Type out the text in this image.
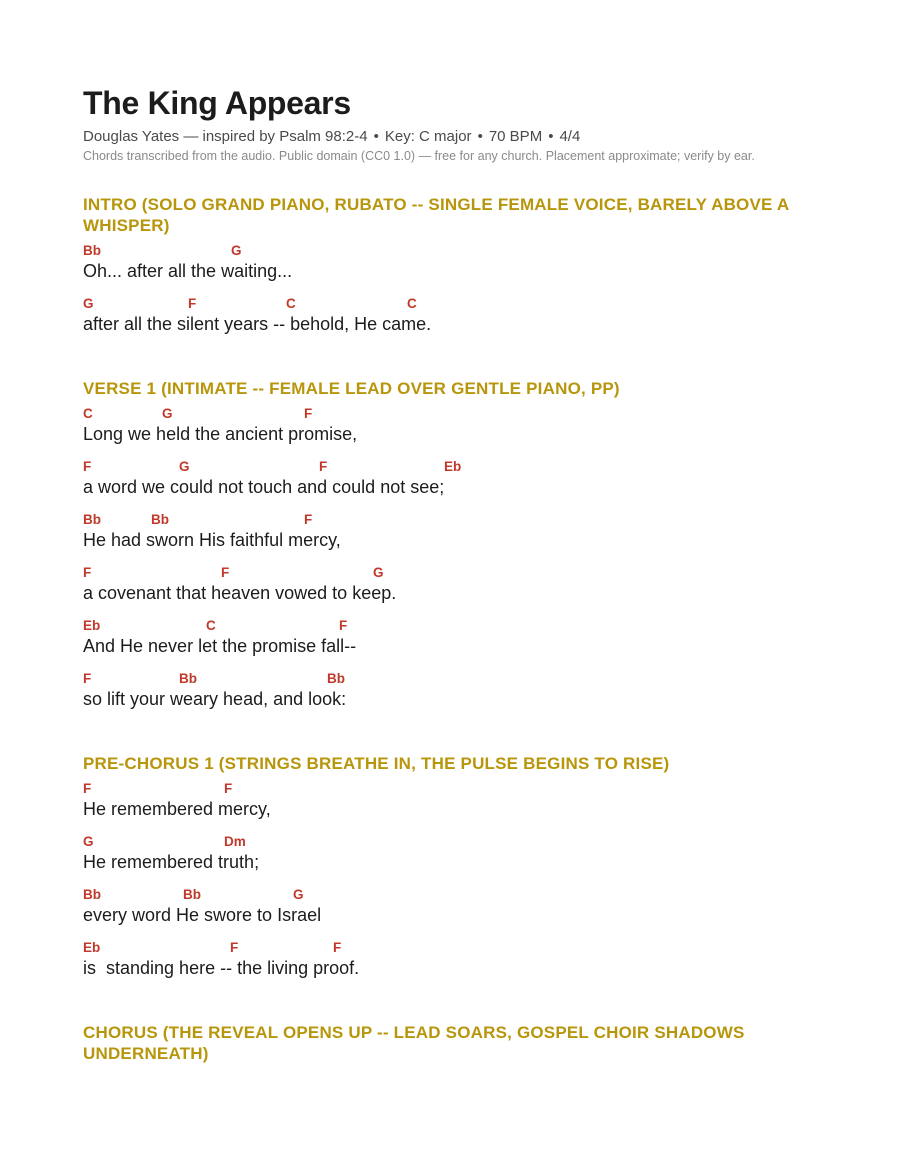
The King Appears
Douglas Yates — inspired by Psalm 98:2-4 • Key: C major • 70 BPM • 4/4
Chords transcribed from the audio. Public domain (CC0 1.0) — free for any church. Placement approximate; verify by ear.
INTRO (SOLO GRAND PIANO, RUBATO -- SINGLE FEMALE VOICE, BARELY ABOVE A WHISPER)
Bb	G
Oh... after all the waiting...
G	F	C	C
after all the silent years -- behold, He came.
VERSE 1 (INTIMATE -- FEMALE LEAD OVER GENTLE PIANO, PP)
C	G	F
Long we held the ancient promise,
F	G	F	Eb
a word we could not touch and could not see;
Bb	Bb	F
He had sworn His faithful mercy,
F	F	G
a covenant that heaven vowed to keep.
Eb	C	F
And He never let the promise fall--
F	Bb	Bb
so lift your weary head, and look:
PRE-CHORUS 1 (STRINGS BREATHE IN, THE PULSE BEGINS TO RISE)
F	F
He remembered mercy,
G	Dm
He remembered truth;
Bb	Bb	G
every word He swore to Israel
Eb	F	F
is  standing here -- the living proof.
CHORUS (THE REVEAL OPENS UP -- LEAD SOARS, GOSPEL CHOIR SHADOWS UNDERNEATH)
